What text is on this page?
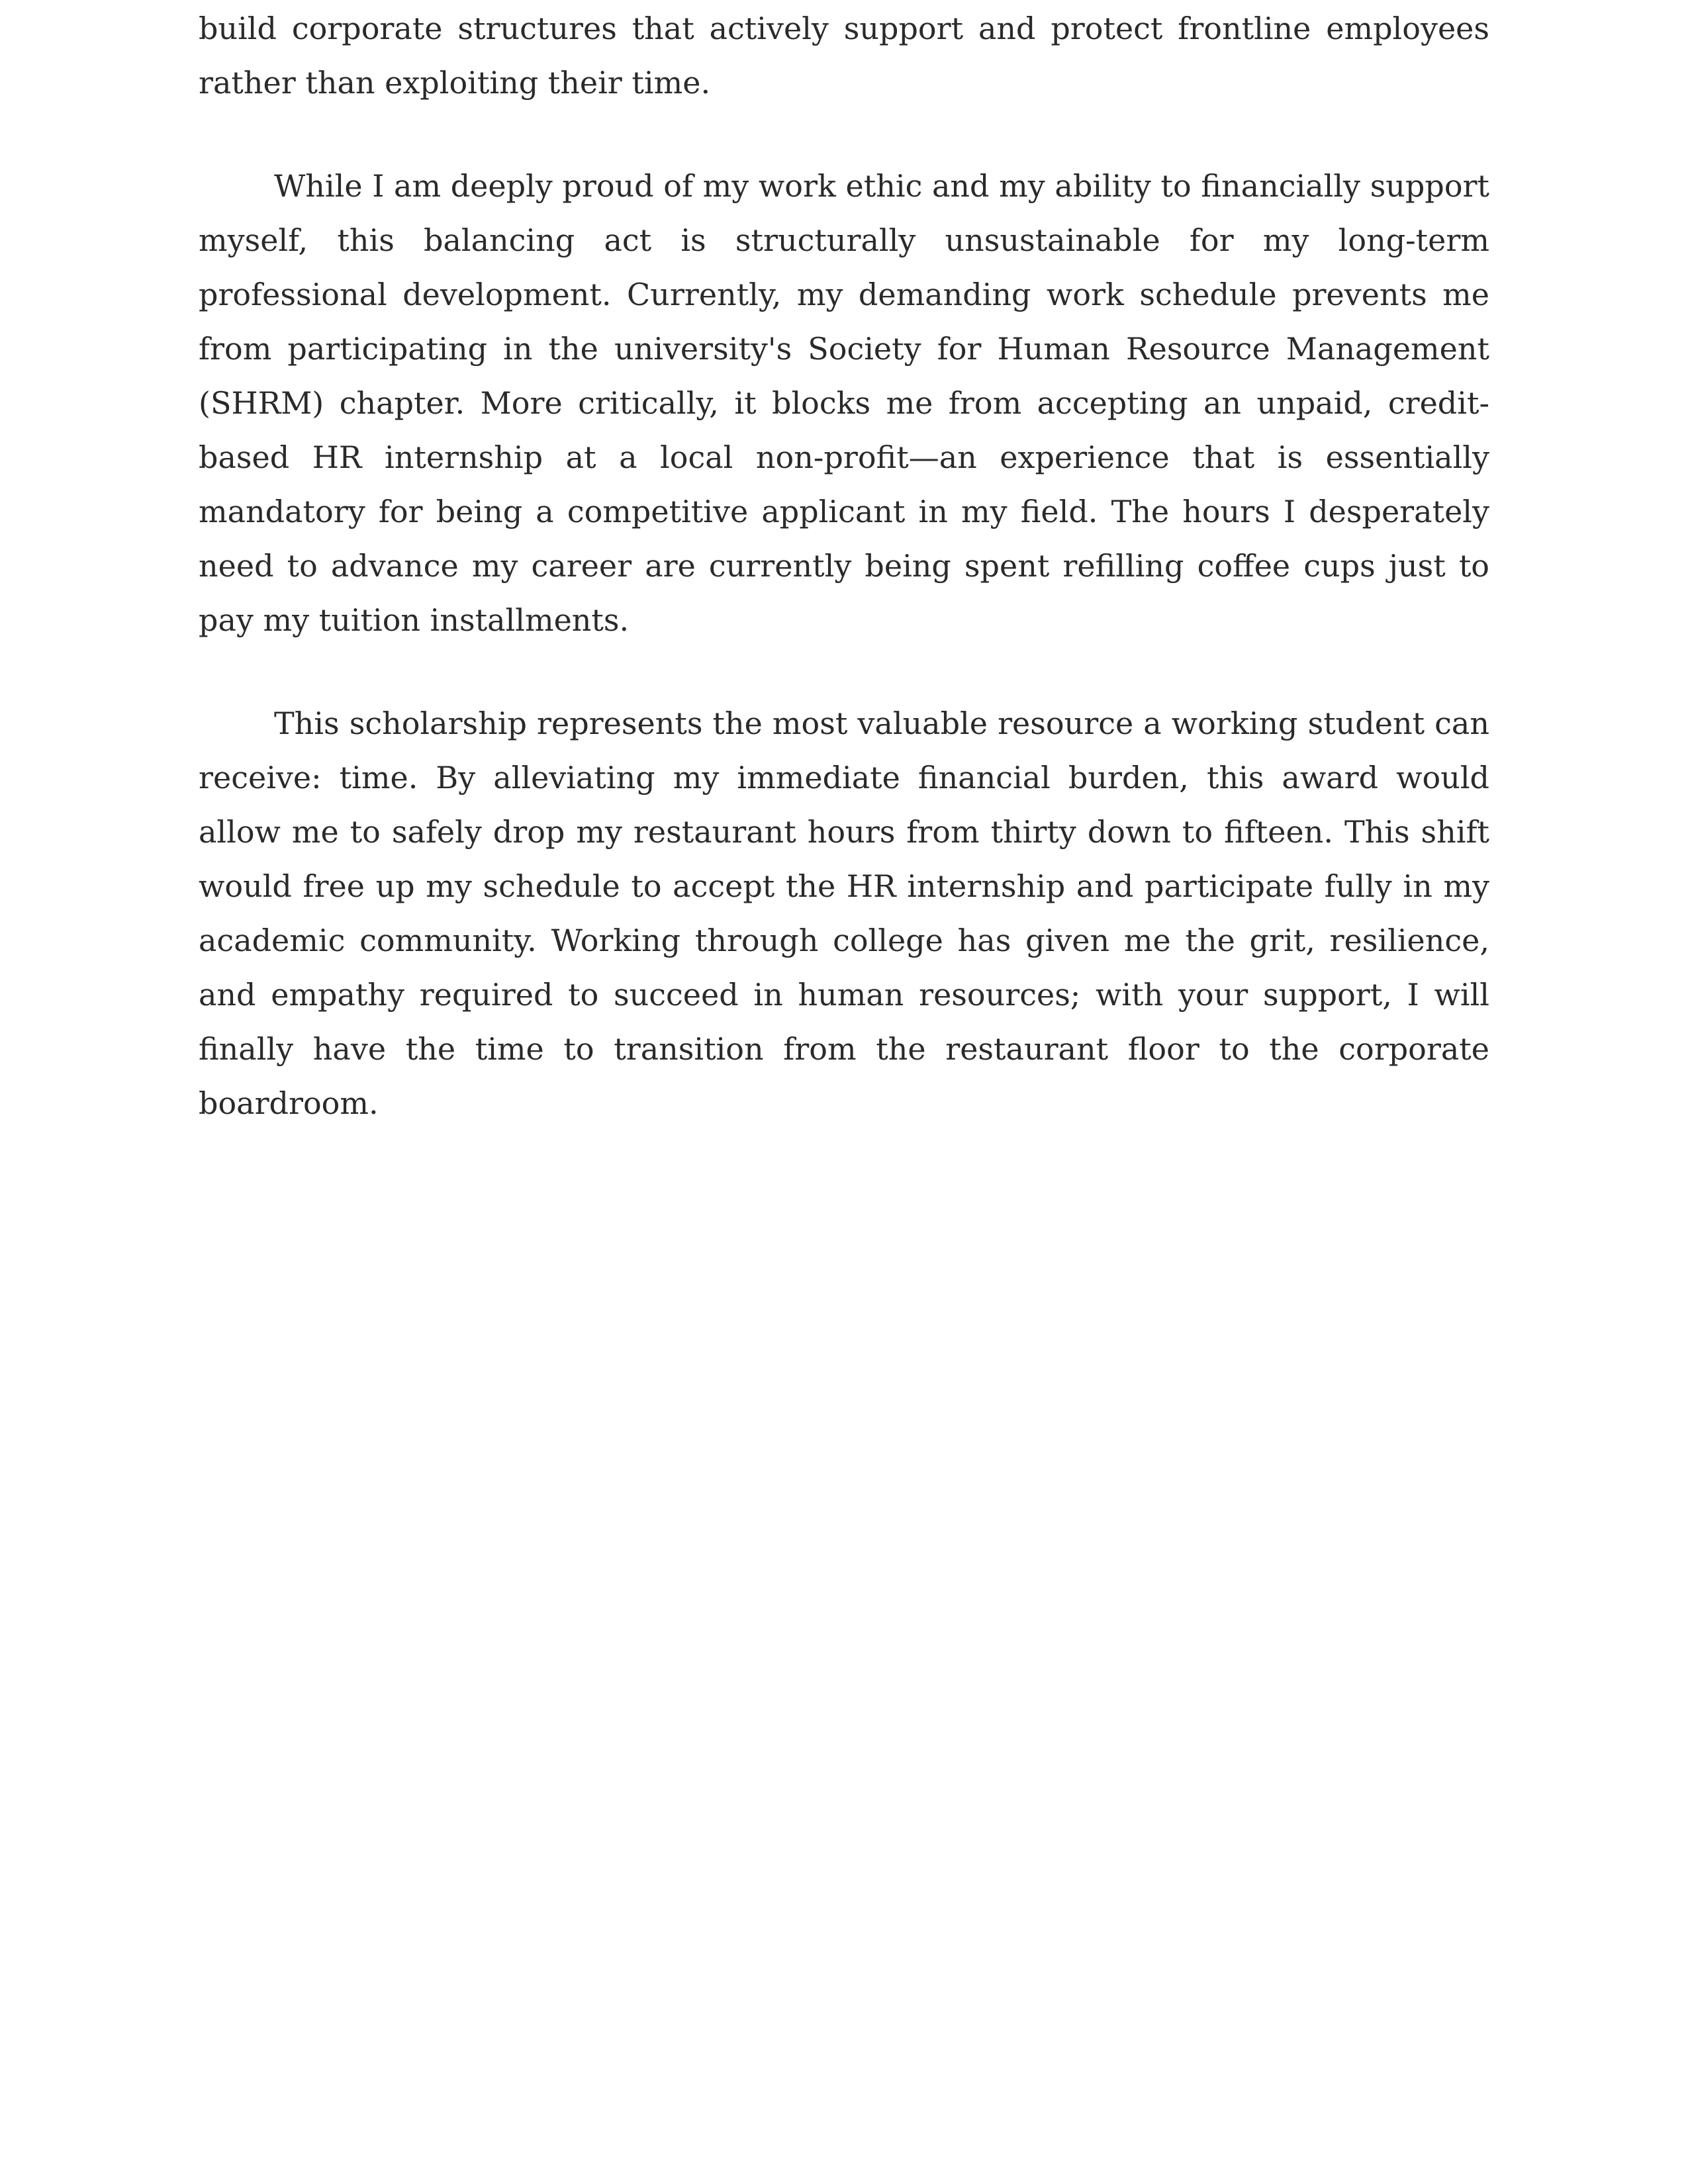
build corporate structures that actively support and protect frontline employees rather than exploiting their time.

While I am deeply proud of my work ethic and my ability to financially support myself, this balancing act is structurally unsustainable for my long-term professional development. Currently, my demanding work schedule prevents me from participating in the university's Society for Human Resource Management (SHRM) chapter. More critically, it blocks me from accepting an unpaid, credit-based HR internship at a local non-profit—an experience that is essentially mandatory for being a competitive applicant in my field. The hours I desperately need to advance my career are currently being spent refilling coffee cups just to pay my tuition installments.

This scholarship represents the most valuable resource a working student can receive: time. By alleviating my immediate financial burden, this award would allow me to safely drop my restaurant hours from thirty down to fifteen. This shift would free up my schedule to accept the HR internship and participate fully in my academic community. Working through college has given me the grit, resilience, and empathy required to succeed in human resources; with your support, I will finally have the time to transition from the restaurant floor to the corporate boardroom.
